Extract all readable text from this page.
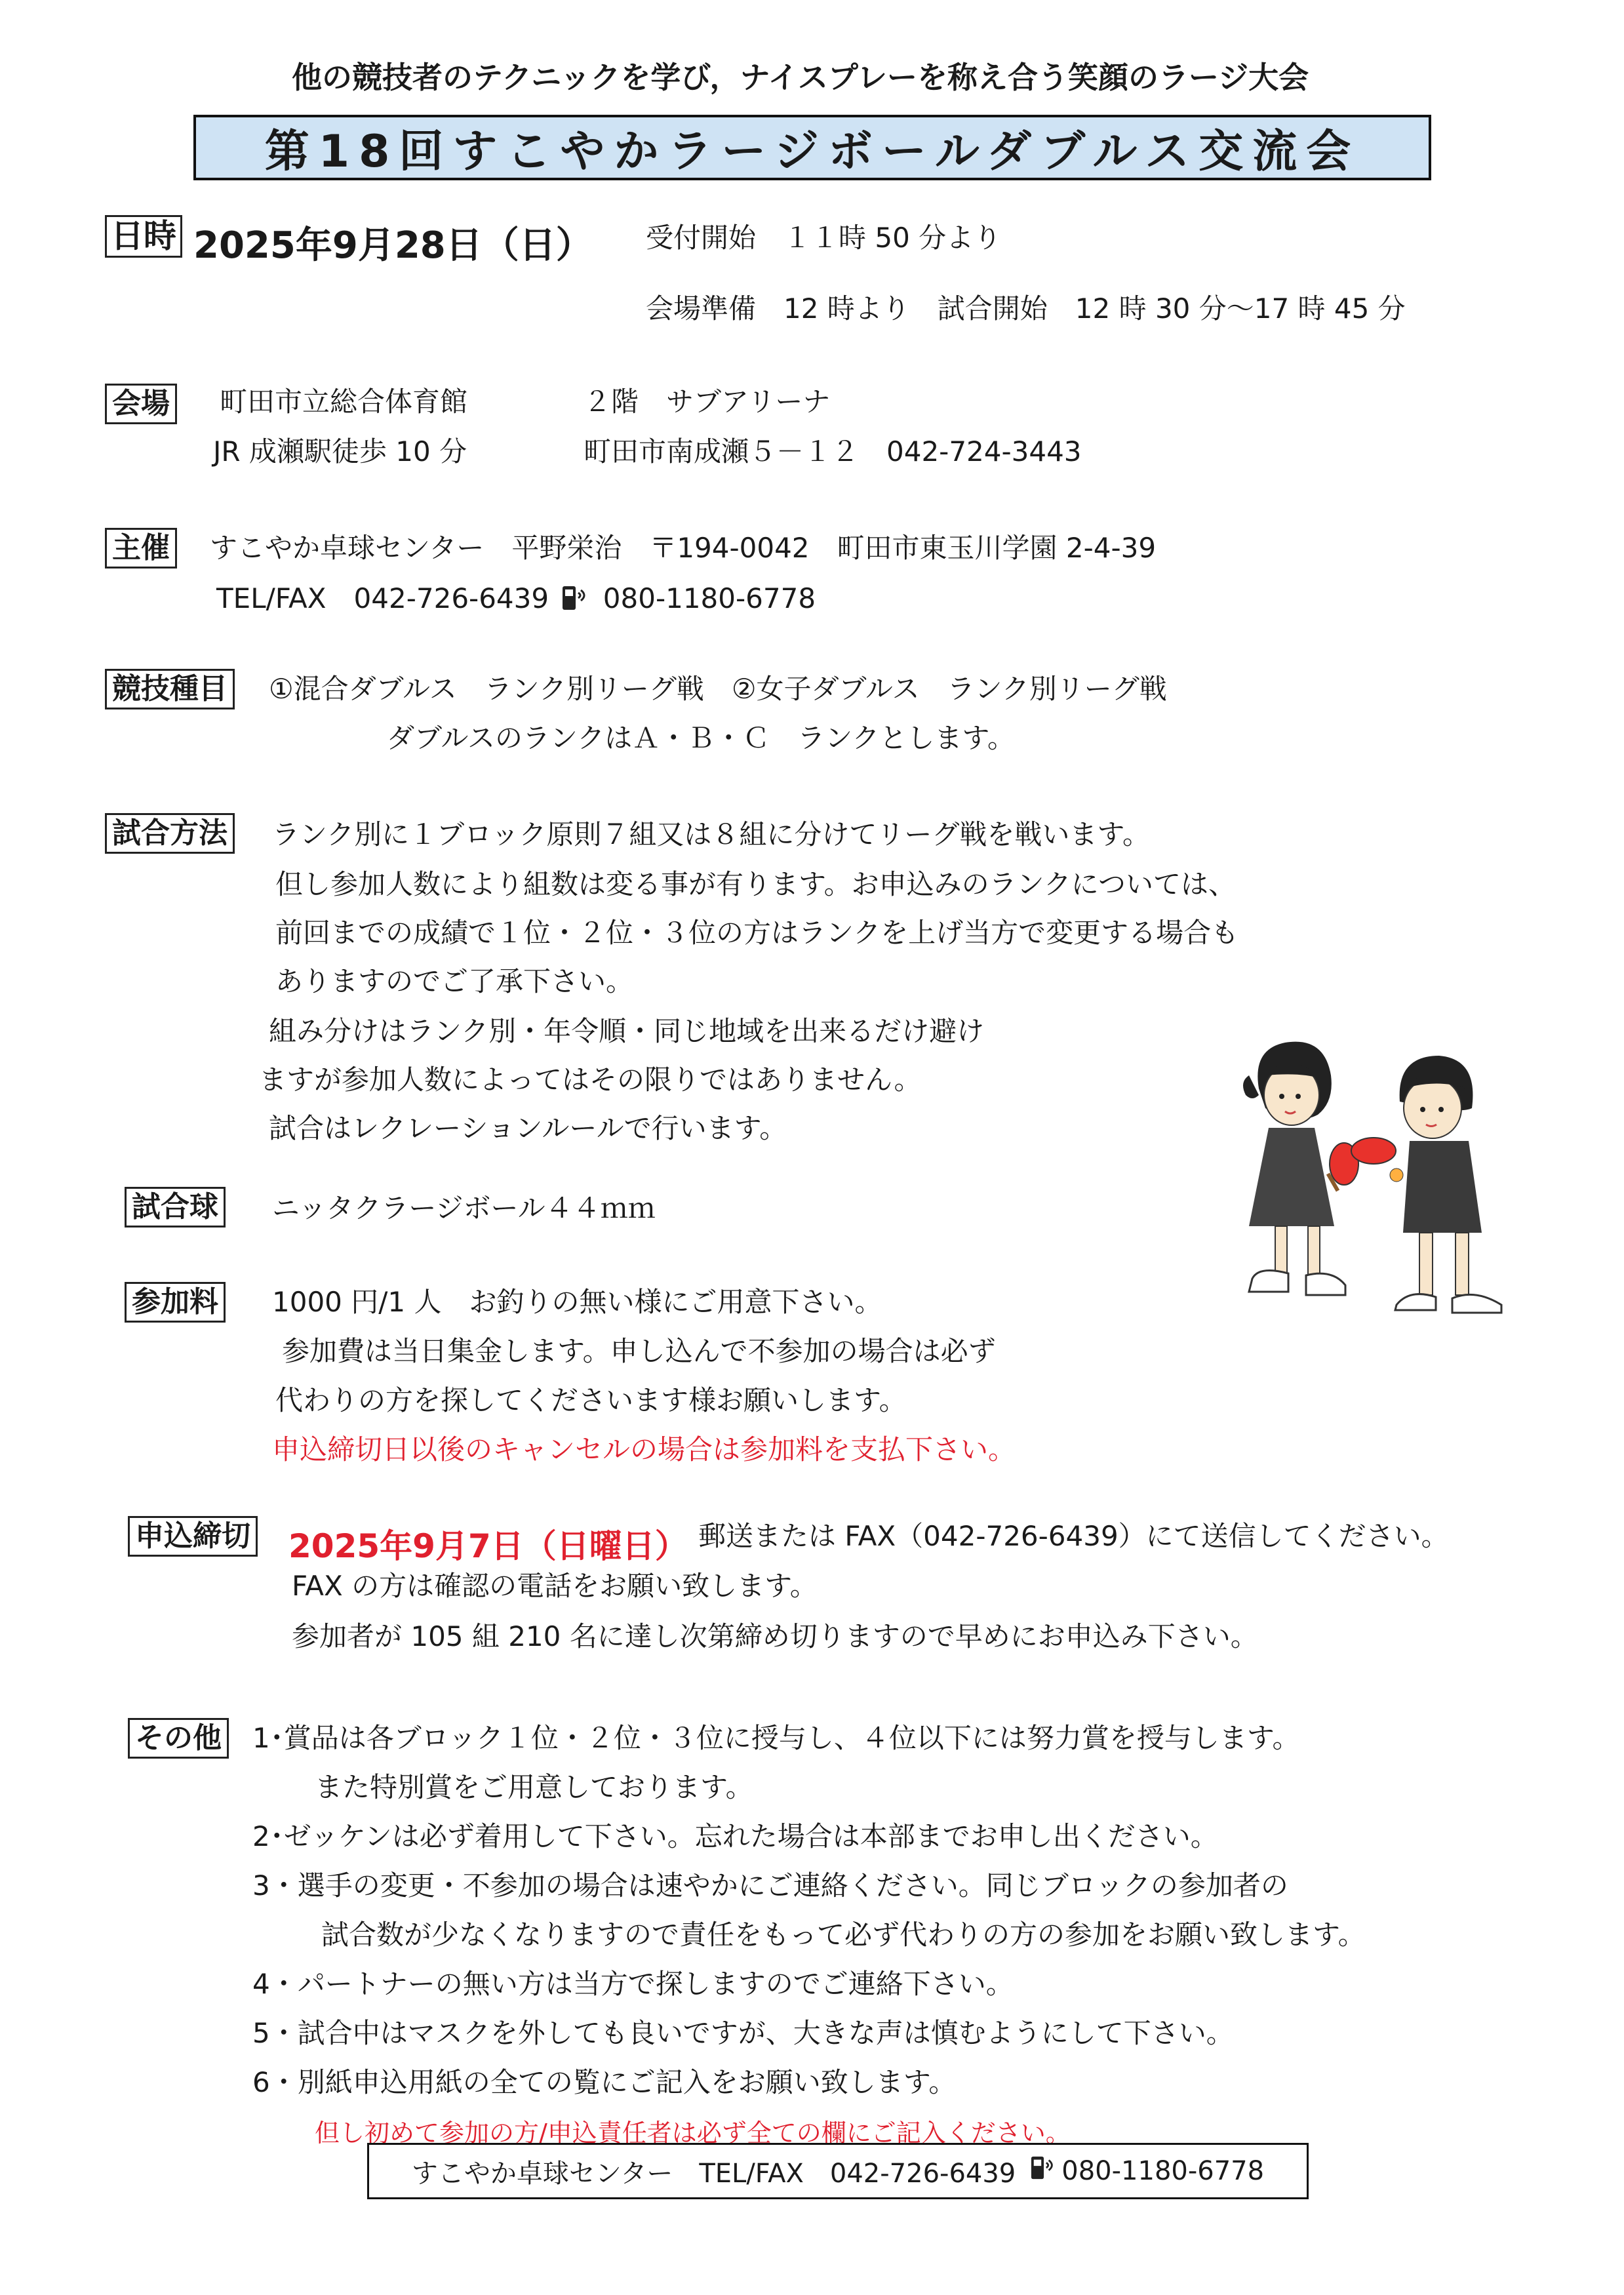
他の競技者のテクニックを学び，ナイスプレーを称え合う笑顔のラージ大会
第18回すこやかラージボールダブルス交流会
日時 2025年9月28日（日） 受付開始　１１時 50 分より
会場準備　12 時より　試合開始　12 時 30 分〜17 時 45 分
会場 町田市立総合体育館	２階　サブアリーナ
JR 成瀬駅徒歩 10 分	町田市南成瀬５－１２　042-724-3443
主催 すこやか卓球センター　平野栄治　〒194-0042　町田市東玉川学園 2-4-39
TEL/FAX　042-726-6439 080-1180-6778
競技種目 ①混合ダブルス　ランク別リーグ戦　②女子ダブルス　ランク別リーグ戦
ダブルスのランクはＡ・Ｂ・Ｃ　ランクとします。
試合方法 ランク別に１ブロック原則７組又は８組に分けてリーグ戦を戦います。
但し参加人数により組数は変る事が有ります。お申込みのランクについては、
前回までの成績で１位・２位・３位の方はランクを上げ当方で変更する場合も
ありますのでご了承下さい。
組み分けはランク別・年令順・同じ地域を出来るだけ避け
ますが参加人数によってはその限りではありません。
試合はレクレーションルールで行います。
試合球 ニッタクラージボール４４ｍｍ
参加料 1000 円/1 人　お釣りの無い様にご用意下さい。
参加費は当日集金します。申し込んで不参加の場合は必ず
代わりの方を探してくださいます様お願いします。
申込締切日以後のキャンセルの場合は参加料を支払下さい。
申込締切 2025年9月7日（日曜日） 郵送または FAX（042-726-6439）にて送信してください。
FAX の方は確認の電話をお願い致します。
参加者が 105 組 210 名に達し次第締め切りますので早めにお申込み下さい。
その他 1･賞品は各ブロック１位・２位・３位に授与し、４位以下には努力賞を授与します。
また特別賞をご用意しております。
2･ゼッケンは必ず着用して下さい。忘れた場合は本部までお申し出ください。
3・選手の変更・不参加の場合は速やかにご連絡ください。同じブロックの参加者の
試合数が少なくなりますので責任をもって必ず代わりの方の参加をお願い致します。
4・パートナーの無い方は当方で探しますのでご連絡下さい。
5・試合中はマスクを外しても良いですが、大きな声は慎むようにして下さい。
6・別紙申込用紙の全ての覧にご記入をお願い致します。
但し初めて参加の方/申込責任者は必ず全ての欄にご記入ください。
すこやか卓球センター　TEL/FAX　042-726-6439 080-1180-6778
